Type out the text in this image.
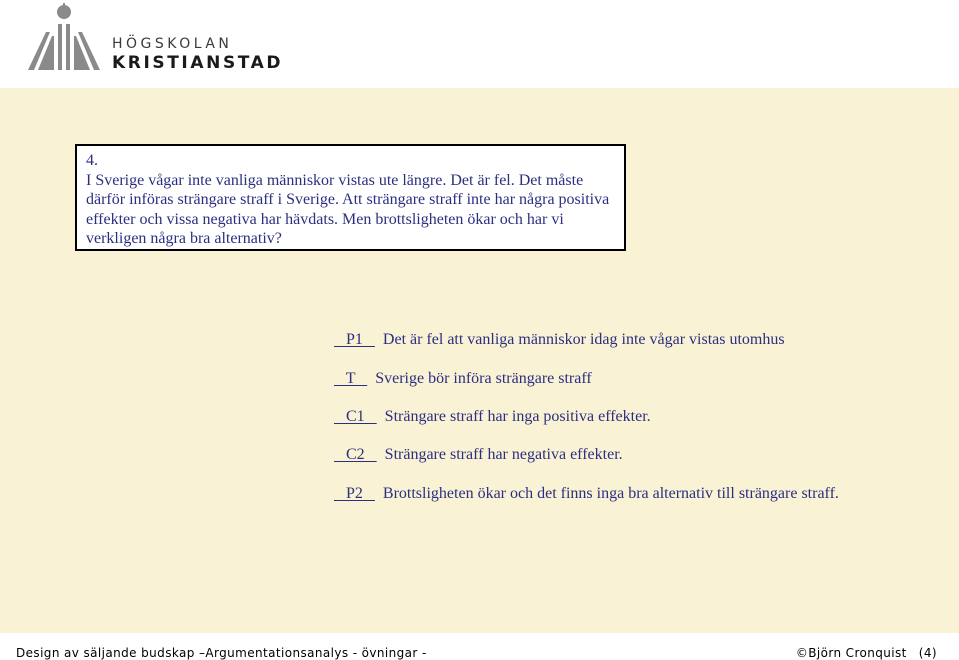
HÖGSKOLAN
KRISTIANSTAD
4.
I Sverige vågar inte vanliga människor vistas ute längre. Det är fel. Det måste
därför införas strängare straff i Sverige. Att strängare straff inte har några positiva
effekter och vissa negativa har hävdats. Men brottsligheten ökar och har vi
verkligen några bra alternativ?
P1   Det är fel att vanliga människor idag inte vågar vistas utomhus
T   Sverige bör införa strängare straff
C1   Strängare straff har inga positiva effekter.
C2   Strängare straff har negativa effekter.
P2   Brottsligheten ökar och det finns inga bra alternativ till strängare straff.
Design av säljande budskap –Argumentationsanalys - övningar -	©Björn Cronquist (4)
